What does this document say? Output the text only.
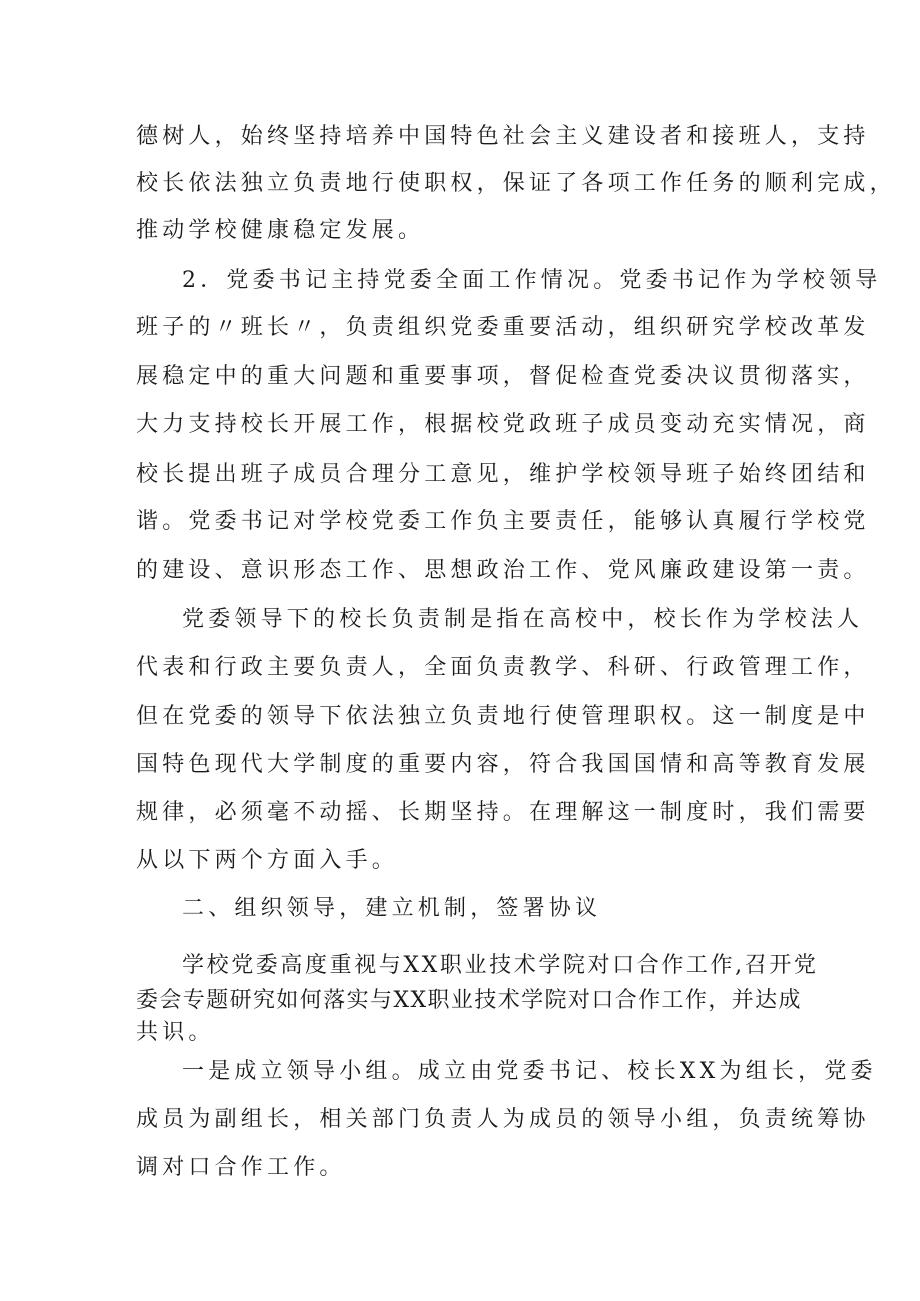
德树人，始终坚持培养中国特色社会主义建设者和接班人，支持
校长依法独立负责地行使职权，保证了各项工作任务的顺利完成，
推动学校健康稳定发展。
2．党委书记主持党委全面工作情况。党委书记作为学校领导
班子的〃班长〃，负责组织党委重要活动，组织研究学校改革发
展稳定中的重大问题和重要事项，督促检查党委决议贯彻落实，
大力支持校长开展工作，根据校党政班子成员变动充实情况，商
校长提出班子成员合理分工意见，维护学校领导班子始终团结和
谐。党委书记对学校党委工作负主要责任，能够认真履行学校党
的建设、意识形态工作、思想政治工作、党风廉政建设第一责。
党委领导下的校长负责制是指在高校中，校长作为学校法人
代表和行政主要负责人，全面负责教学、科研、行政管理工作，
但在党委的领导下依法独立负责地行使管理职权。这一制度是中
国特色现代大学制度的重要内容，符合我国国情和高等教育发展
规律，必须毫不动摇、长期坚持。在理解这一制度时，我们需要
从以下两个方面入手。
二、组织领导，建立机制，签署协议
学校党委高度重视与XX职业技术学院对口合作工作,召开党
委会专题研究如何落实与XX职业技术学院对口合作工作，并达成
共识。
一是成立领导小组。成立由党委书记、校长XX为组长，党委
成员为副组长，相关部门负责人为成员的领导小组，负责统筹协
调对口合作工作。
